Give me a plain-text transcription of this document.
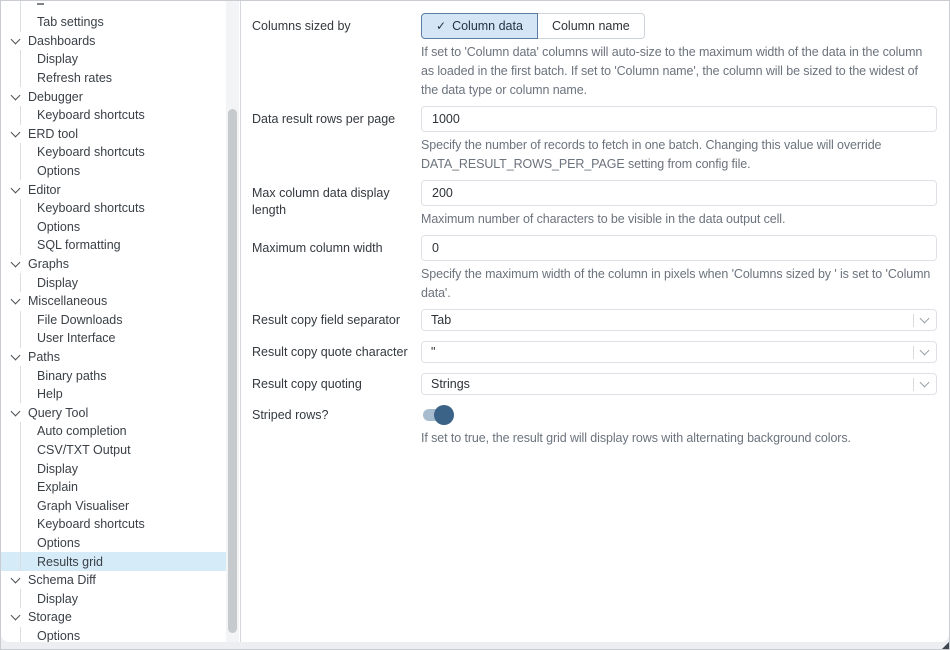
Tab settings
Dashboards
Display
Refresh rates
Debugger
Keyboard shortcuts
ERD tool
Keyboard shortcuts
Options
Editor
Keyboard shortcuts
Options
SQL formatting
Graphs
Display
Miscellaneous
File Downloads
User Interface
Paths
Binary paths
Help
Query Tool
Auto completion
CSV/TXT Output
Display
Explain
Graph Visualiser
Keyboard shortcuts
Options
Results grid
Schema Diff
Display
Storage
Options
Columns sized by	✓ Column data Column name
If set to 'Column data' columns will auto-size to the maximum width of the data in the column as loaded in the first batch. If set to 'Column name', the column will be sized to the widest of the data type or column name.
Data result rows per page
1000
Specify the number of records to fetch in one batch. Changing this value will override DATA_RESULT_ROWS_PER_PAGE setting from config file.
Max column data display length
200
Maximum number of characters to be visible in the data output cell.
Maximum column width
0
Specify the maximum width of the column in pixels when 'Columns sized by ' is set to 'Column data'.
Result copy field separator	Tab
Result copy quote character	"
Result copy quoting	Strings
Striped rows?
If set to true, the result grid will display rows with alternating background colors.
